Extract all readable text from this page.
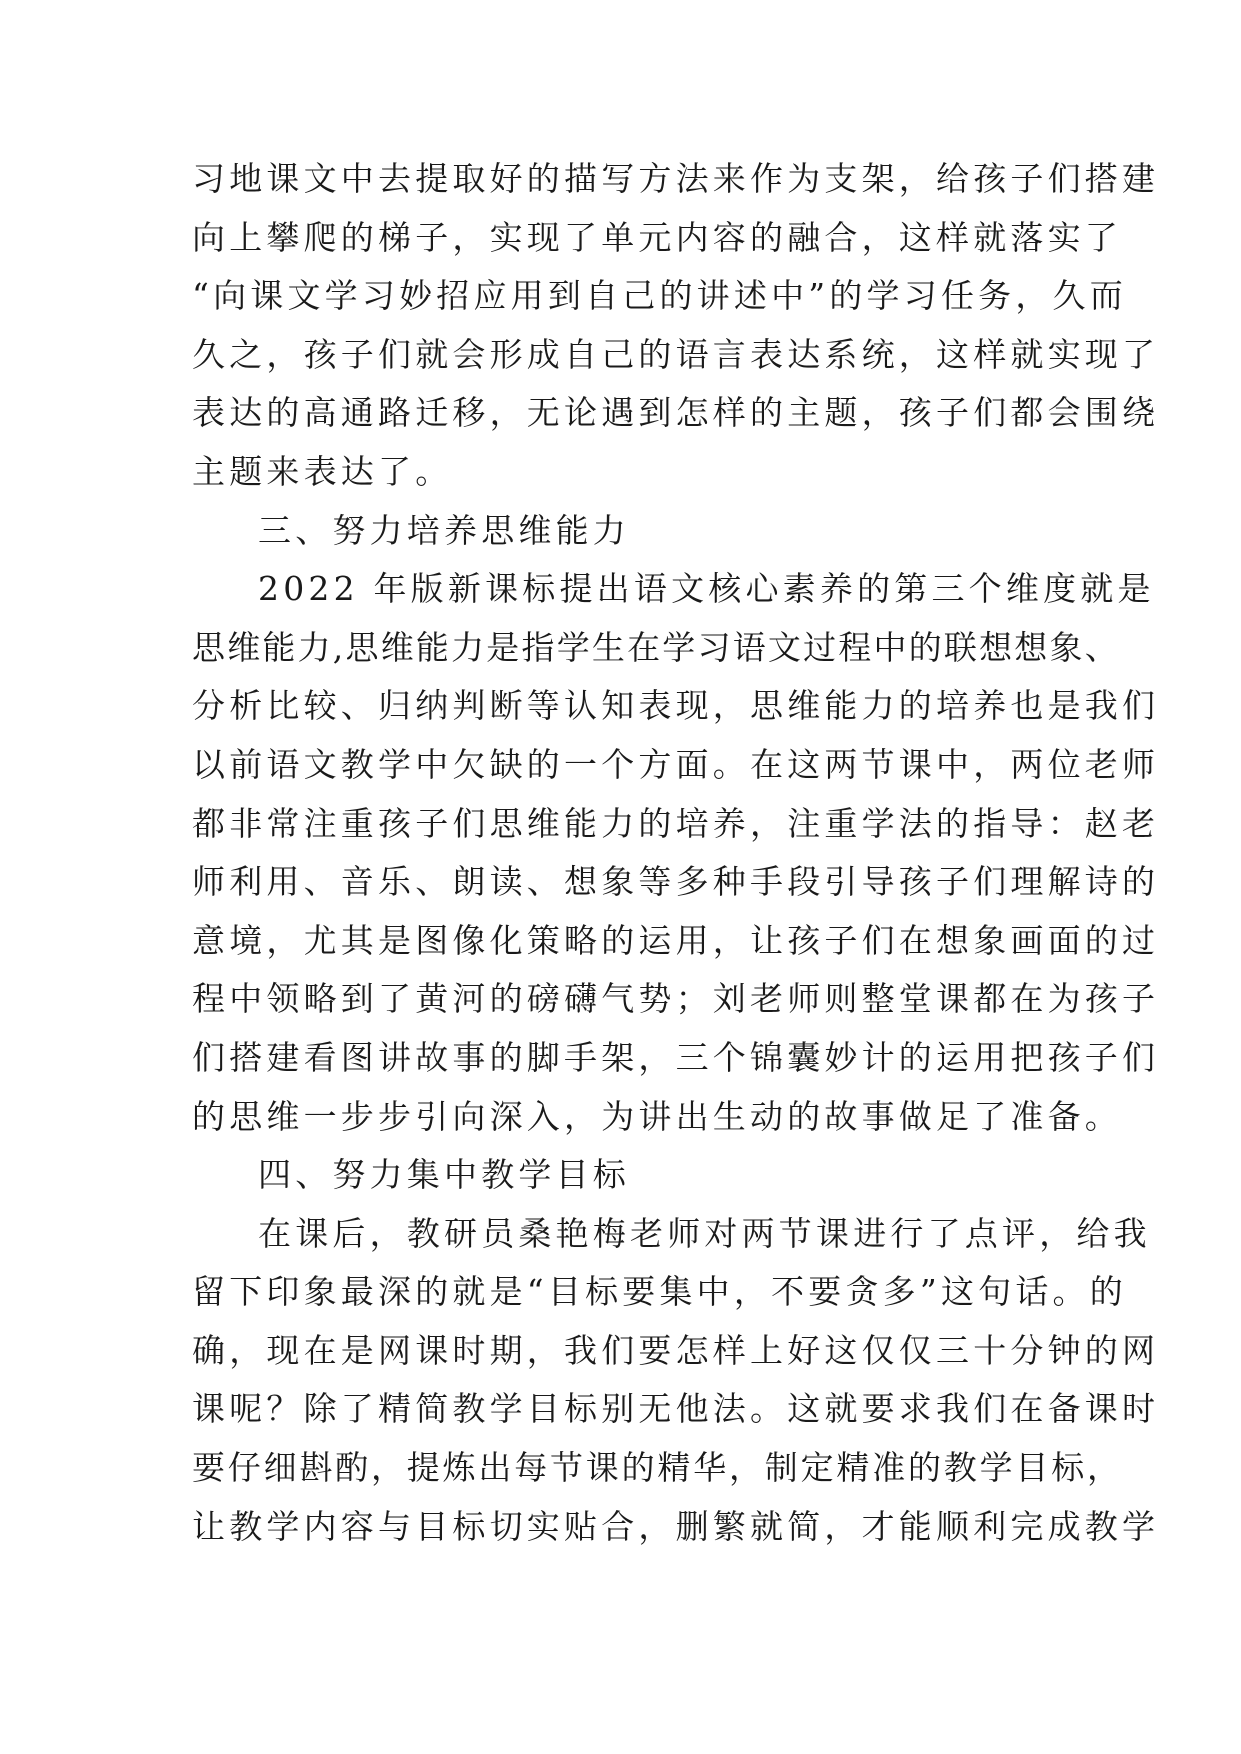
习地课文中去提取好的描写方法来作为支架，给孩子们搭建
向上攀爬的梯子，实现了单元内容的融合，这样就落实了
“向课文学习妙招应用到自己的讲述中”的学习任务，久而
久之，孩子们就会形成自己的语言表达系统，这样就实现了
表达的高通路迁移，无论遇到怎样的主题，孩子们都会围绕
主题来表达了。
三、努力培养思维能力
2022 年版新课标提出语文核心素养的第三个维度就是
思维能力,思维能力是指学生在学习语文过程中的联想想象、
分析比较、归纳判断等认知表现，思维能力的培养也是我们
以前语文教学中欠缺的一个方面。在这两节课中，两位老师
都非常注重孩子们思维能力的培养，注重学法的指导：赵老
师利用、音乐、朗读、想象等多种手段引导孩子们理解诗的
意境，尤其是图像化策略的运用，让孩子们在想象画面的过
程中领略到了黄河的磅礴气势；刘老师则整堂课都在为孩子
们搭建看图讲故事的脚手架，三个锦囊妙计的运用把孩子们
的思维一步步引向深入，为讲出生动的故事做足了准备。
四、努力集中教学目标
在课后，教研员桑艳梅老师对两节课进行了点评，给我
留下印象最深的就是“目标要集中，不要贪多”这句话。的
确，现在是网课时期，我们要怎样上好这仅仅三十分钟的网
课呢？除了精简教学目标别无他法。这就要求我们在备课时
要仔细斟酌，提炼出每节课的精华，制定精准的教学目标，
让教学内容与目标切实贴合，删繁就简，才能顺利完成教学
